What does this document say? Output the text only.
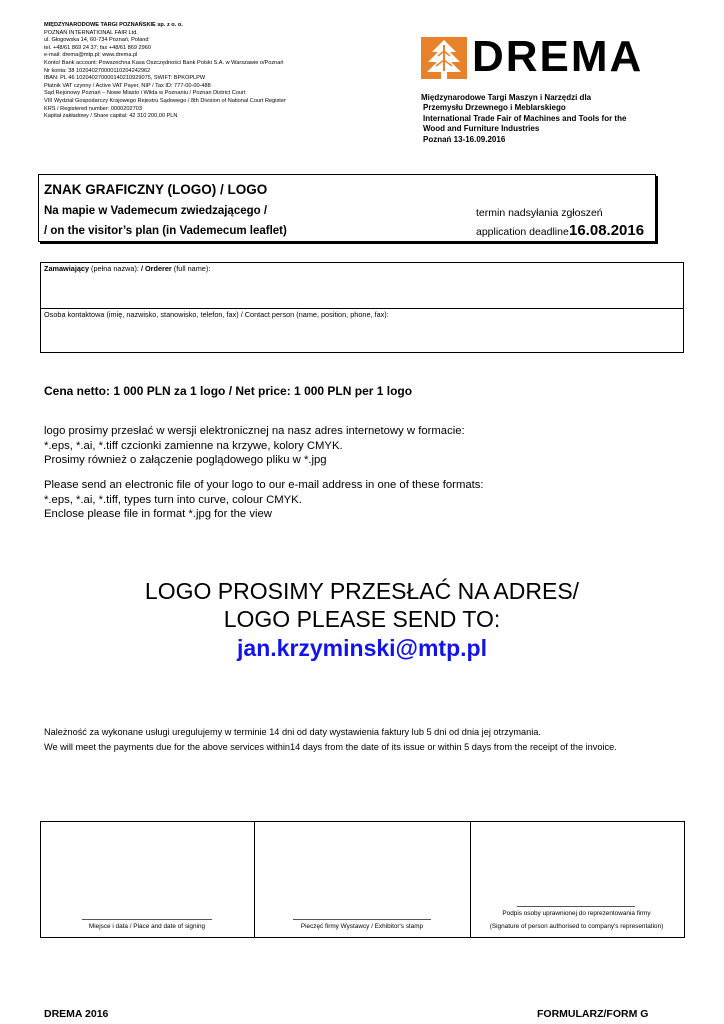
MIĘDZYNARODOWE TARGI POZNAŃSKIE sp. z o. o.
POZNAŃ INTERNATIONAL FAIR Ltd.
ul. Głogowska 14, 60-734 Poznań, Poland
tel. +48/61 869 24 37; fax +48/61 869 2960
e-mail: drema@mtp.pl; www.drema.pl
Konto/ Bank account: Powszechna Kasa Oszczędności Bank Polski S.A. w Warszawie o/Poznań
Nr konta: 38 102040270000110204242962
IBAN: PL 46 102040270000140210929075, SWIFT: BPKOPLPW
Płatnik VAT czynny / Active VAT Payer, NIP / Tax ID: 777-00-00-488
Sąd Rejonowy Poznań – Nowe Miasto i Wilda w Poznaniu / Poznan District Court
VIII Wydział Gospodarczy Krajowego Rejestru Sądowego / 8th Division of National Court Register
KRS / Registered number: 0000202703
Kapitał zakładowy / Share capital: 42 310 200,00 PLN
DREMA
Międzynarodowe Targi Maszyn i Narzędzi dla
Przemysłu Drzewnego i Meblarskiego
International Trade Fair of Machines and Tools for the
Wood and Furniture Industries
Poznań 13-16.09.2016
ZNAK GRAFICZNY (LOGO) / LOGO
Na mapie w Vademecum zwiedzającego /
/ on the visitor’s plan (in Vademecum leaflet)
termin nadsyłania zgłoszeń
application deadline 16.08.2016
Zamawiający (pełna nazwa): / Orderer (full name):
Osoba kontaktowa (imię, nazwisko, stanowisko, telefon, fax) / Contact person (name, position, phone, fax):
Cena netto: 1 000 PLN za 1 logo / Net price: 1 000 PLN per 1 logo
logo prosimy przesłać w wersji elektronicznej na nasz adres internetowy w formacie:
*.eps, *.ai, *.tiff czcionki zamienne na krzywe, kolory CMYK.
Prosimy również o załączenie poglądowego pliku w *.jpg
Please send an electronic file of your logo to our e-mail address in one of these formats:
*.eps, *.ai, *.tiff, types turn into curve, colour CMYK.
Enclose please file in format *.jpg for the view
LOGO PROSIMY PRZESŁAĆ NA ADRES/
LOGO PLEASE SEND TO:
jan.krzyminski@mtp.pl
Należność za wykonane usługi uregulujemy w terminie 14 dni od daty wystawienia faktury lub 5 dni od dnia jej otrzymania.
We will meet the payments due for the above services within14 days from the date of its issue or within 5 days from the receipt of the invoice.
Miejsce i data / Place and date of signing	Pieczęć firmy Wystawcy / Exhibitor's stamp
Podpis osoby uprawnionej do reprezentowania firmy
(Signature of person authorised to company's representation)
DREMA 2016	FORMULARZ/FORM G
